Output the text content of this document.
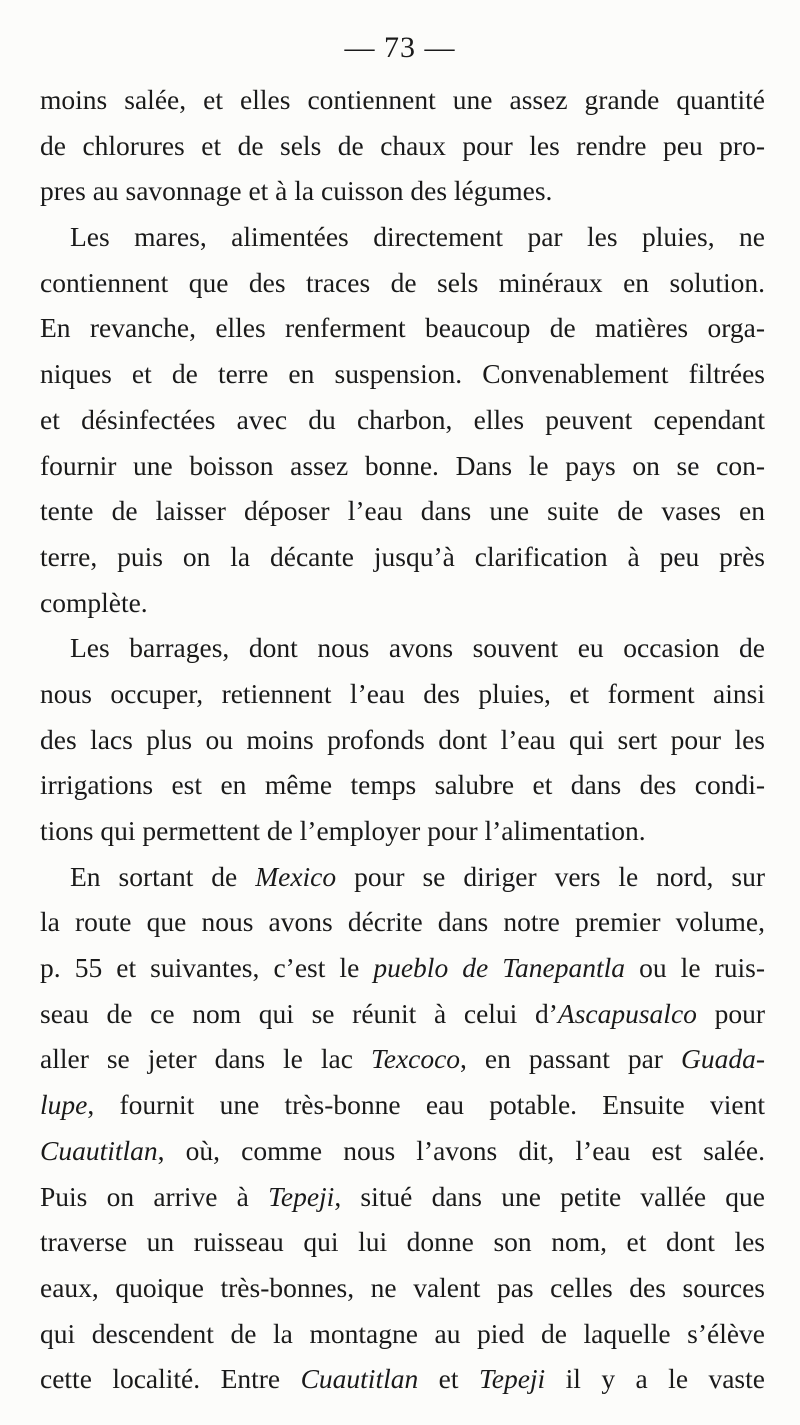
— 73 —
moins salée, et elles contiennent une assez grande quantité
de chlorures et de sels de chaux pour les rendre peu pro-
pres au savonnage et à la cuisson des légumes.
Les mares, alimentées directement par les pluies, ne
contiennent que des traces de sels minéraux en solution.
En revanche, elles renferment beaucoup de matières orga-
niques et de terre en suspension. Convenablement filtrées
et désinfectées avec du charbon, elles peuvent cependant
fournir une boisson assez bonne. Dans le pays on se con-
tente de laisser déposer l’eau dans une suite de vases en
terre, puis on la décante jusqu’à clarification à peu près
complète.
Les barrages, dont nous avons souvent eu occasion de
nous occuper, retiennent l’eau des pluies, et forment ainsi
des lacs plus ou moins profonds dont l’eau qui sert pour les
irrigations est en même temps salubre et dans des condi-
tions qui permettent de l’employer pour l’alimentation.
En sortant de Mexico pour se diriger vers le nord, sur
la route que nous avons décrite dans notre premier volume,
p. 55 et suivantes, c’est le pueblo de Tanepantla ou le ruis-
seau de ce nom qui se réunit à celui d’Ascapusalco pour
aller se jeter dans le lac Texcoco, en passant par Guada-
lupe, fournit une très-bonne eau potable. Ensuite vient
Cuautitlan, où, comme nous l’avons dit, l’eau est salée.
Puis on arrive à Tepeji, situé dans une petite vallée que
traverse un ruisseau qui lui donne son nom, et dont les
eaux, quoique très-bonnes, ne valent pas celles des sources
qui descendent de la montagne au pied de laquelle s’élève
cette localité. Entre Cuautitlan et Tepeji il y a le vaste
